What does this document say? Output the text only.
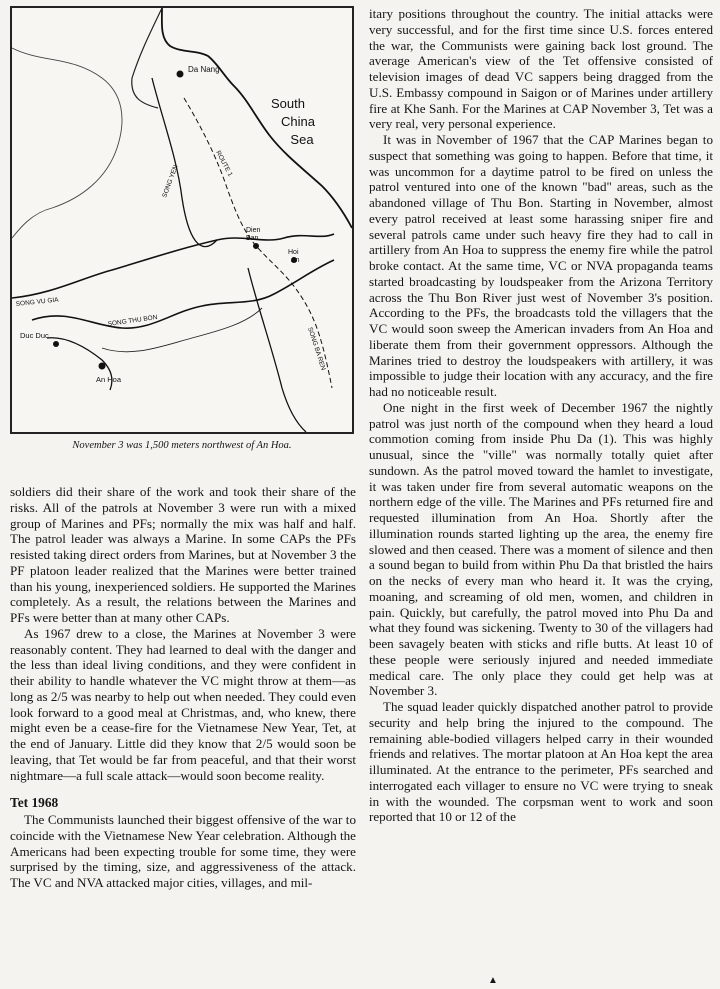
South
China
Sea
Da Nang
Dien
Ban
Hoi
An
SONG VU GIA
SONG THU BON
SONG YEN
ROUTE 1
Duc Duc
An Hoa
SONG BA REN
November 3 was 1,500 meters northwest of An Hoa.

soldiers did their share of the work and took their share of the risks. All of the patrols at November 3 were run with a mixed group of Marines and PFs; normally the mix was half and half. The patrol leader was always a Marine. In some CAPs the PFs resisted taking direct orders from Marines, but at November 3 the PF platoon leader realized that the Marines were better trained than his young, inexperienced soldiers. He supported the Marines completely. As a result, the relations between the Marines and PFs were better than at many other CAPs.

As 1967 drew to a close, the Marines at November 3 were reasonably content. They had learned to deal with the danger and the less than ideal living conditions, and they were confident in their ability to handle whatever the VC might throw at them—as long as 2/5 was nearby to help out when needed. They could even look forward to a good meal at Christmas, and, who knew, there might even be a cease-fire for the Vietnamese New Year, Tet, at the end of January. Little did they know that 2/5 would soon be leaving, that Tet would be far from peaceful, and that their worst nightmare—a full scale attack—would soon become reality.

Tet 1968

The Communists launched their biggest offensive of the war to coincide with the Vietnamese New Year celebration. Although the Americans had been expecting trouble for some time, they were surprised by the timing, size, and aggressiveness of the attack. The VC and NVA attacked major cities, villages, and mil-

itary positions throughout the country. The initial attacks were very successful, and for the first time since U.S. forces entered the war, the Communists were gaining back lost ground. The average American's view of the Tet offensive consisted of television images of dead VC sappers being dragged from the U.S. Embassy compound in Saigon or of Marines under artillery fire at Khe Sanh. For the Marines at CAP November 3, Tet was a very real, very personal experience.

It was in November of 1967 that the CAP Marines began to suspect that something was going to happen. Before that time, it was uncommon for a daytime patrol to be fired on unless the patrol ventured into one of the known "bad" areas, such as the abandoned village of Thu Bon. Starting in November, almost every patrol received at least some harassing sniper fire and several patrols came under such heavy fire they had to call in artillery from An Hoa to suppress the enemy fire while the patrol broke contact. At the same time, VC or NVA propaganda teams started broadcasting by loudspeaker from the Arizona Territory across the Thu Bon River just west of November 3's position. According to the PFs, the broadcasts told the villagers that the VC would soon sweep the American invaders from An Hoa and liberate them from their government oppressors. Although the Marines tried to destroy the loudspeakers with artillery, it was impossible to judge their location with any accuracy, and the fire had no noticeable result.

One night in the first week of December 1967 the nightly patrol was just north of the compound when they heard a loud commotion coming from inside Phu Da (1). This was highly unusual, since the "ville" was normally totally quiet after sundown. As the patrol moved toward the hamlet to investigate, it was taken under fire from several automatic weapons on the northern edge of the ville. The Marines and PFs returned fire and requested illumination from An Hoa. Shortly after the illumination rounds started lighting up the area, the enemy fire slowed and then ceased. There was a moment of silence and then a sound began to build from within Phu Da that bristled the hairs on the necks of every man who heard it. It was the crying, moaning, and screaming of old men, women, and children in pain. Quickly, but carefully, the patrol moved into Phu Da and what they found was sickening. Twenty to 30 of the villagers had been savagely beaten with sticks and rifle butts. At least 10 of these people were seriously injured and needed immediate medical care. The only place they could get help was at November 3.

The squad leader quickly dispatched another patrol to provide security and help bring the injured to the compound. The remaining able-bodied villagers helped carry in their wounded friends and relatives. The mortar platoon at An Hoa kept the area illuminated. At the entrance to the perimeter, PFs searched and interrogated each villager to ensure no VC were trying to sneak in with the wounded. The corpsman went to work and soon reported that 10 or 12 of the

▲
